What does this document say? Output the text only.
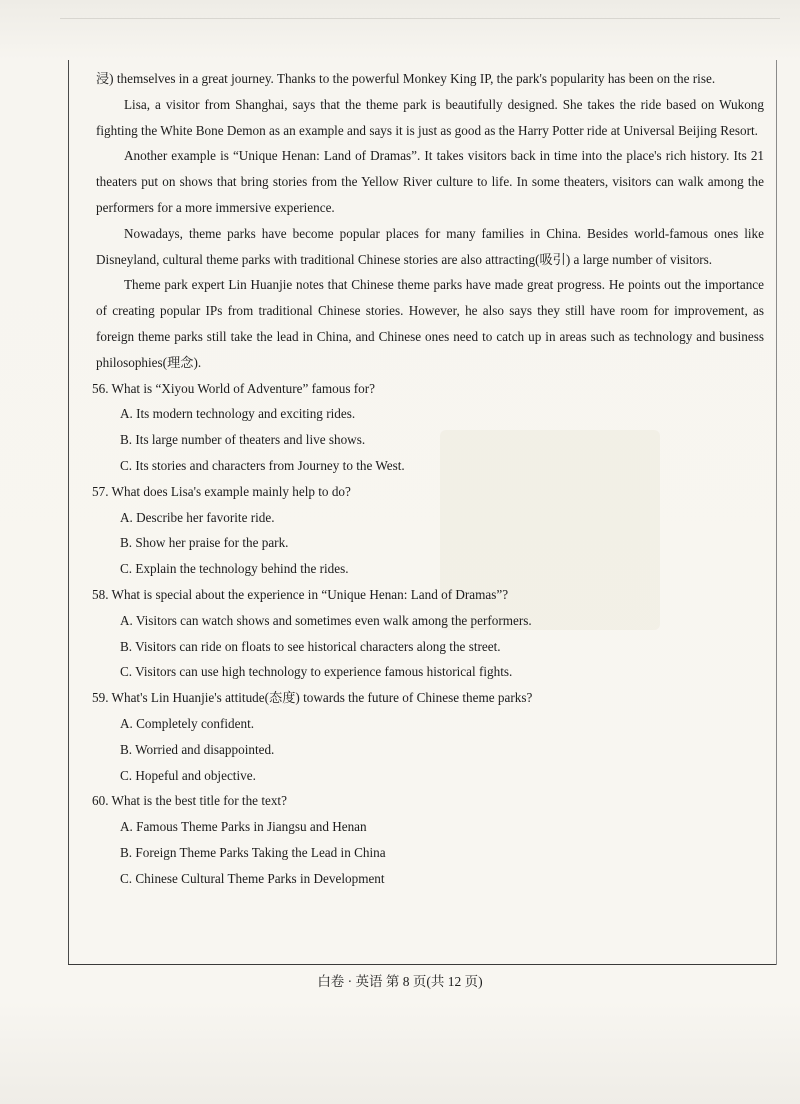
浸) themselves in a great journey. Thanks to the powerful Monkey King IP, the park's popularity has been on the rise.

Lisa, a visitor from Shanghai, says that the theme park is beautifully designed. She takes the ride based on Wukong fighting the White Bone Demon as an example and says it is just as good as the Harry Potter ride at Universal Beijing Resort.

Another example is “Unique Henan: Land of Dramas”. It takes visitors back in time into the place's rich history. Its 21 theaters put on shows that bring stories from the Yellow River culture to life. In some theaters, visitors can walk among the performers for a more immersive experience.

Nowadays, theme parks have become popular places for many families in China. Besides world-famous ones like Disneyland, cultural theme parks with traditional Chinese stories are also attracting(吸引) a large number of visitors.

Theme park expert Lin Huanjie notes that Chinese theme parks have made great progress. He points out the importance of creating popular IPs from traditional Chinese stories. However, he also says they still have room for improvement, as foreign theme parks still take the lead in China, and Chinese ones need to catch up in areas such as technology and business philosophies(理念).

56. What is “Xiyou World of Adventure” famous for?

A. Its modern technology and exciting rides.

B. Its large number of theaters and live shows.

C. Its stories and characters from Journey to the West.

57. What does Lisa's example mainly help to do?

A. Describe her favorite ride.

B. Show her praise for the park.

C. Explain the technology behind the rides.

58. What is special about the experience in “Unique Henan: Land of Dramas”?

A. Visitors can watch shows and sometimes even walk among the performers.

B. Visitors can ride on floats to see historical characters along the street.

C. Visitors can use high technology to experience famous historical fights.

59. What's Lin Huanjie's attitude(态度) towards the future of Chinese theme parks?

A. Completely confident.

B. Worried and disappointed.

C. Hopeful and objective.

60. What is the best title for the text?

A. Famous Theme Parks in Jiangsu and Henan

B. Foreign Theme Parks Taking the Lead in China

C. Chinese Cultural Theme Parks in Development

白卷 · 英语 第 8 页(共 12 页)
